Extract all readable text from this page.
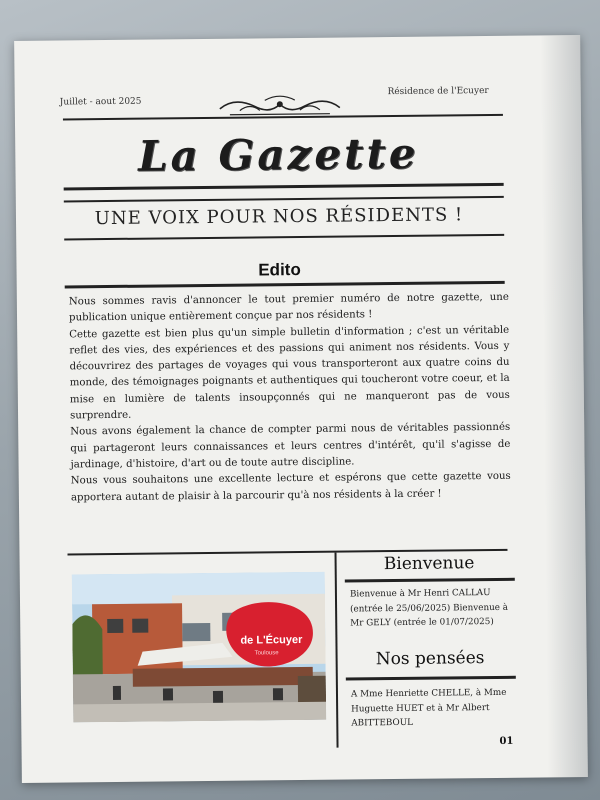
Juillet - aout 2025
Résidence de l'Ecuyer
La Gazette
UNE VOIX POUR NOS RÉSIDENTS !
Edito

Nous sommes ravis d'annoncer le tout premier numéro de notre gazette, une publication unique entièrement conçue par nos résidents !

Cette gazette est bien plus qu'un simple bulletin d'information ; c'est un véritable reflet des vies, des expériences et des passions qui animent nos résidents. Vous y découvrirez des partages de voyages qui vous transporteront aux quatre coins du monde, des témoignages poignants et authentiques qui toucheront votre coeur, et la mise en lumière de talents insoupçonnés qui ne manqueront pas de vous surprendre.

Nous avons également la chance de compter parmi nous de véritables passionnés qui partageront leurs connaissances et leurs centres d'intérêt, qu'il s'agisse de jardinage, d'histoire, d'art ou de toute autre discipline.

Nous vous souhaitons une excellente lecture et espérons que cette gazette vous apportera autant de plaisir à la parcourir qu'à nos résidents à la créer !

de L'Écuyer
Toulouse
Bienvenue
Bienvenue à Mr Henri CALLAU (entrée le 25/06/2025) Bienvenue à Mr GELY (entrée le 01/07/2025)
Nos pensées
A Mme Henriette CHELLE, à Mme Huguette HUET et à Mr Albert ABITTEBOUL
01
